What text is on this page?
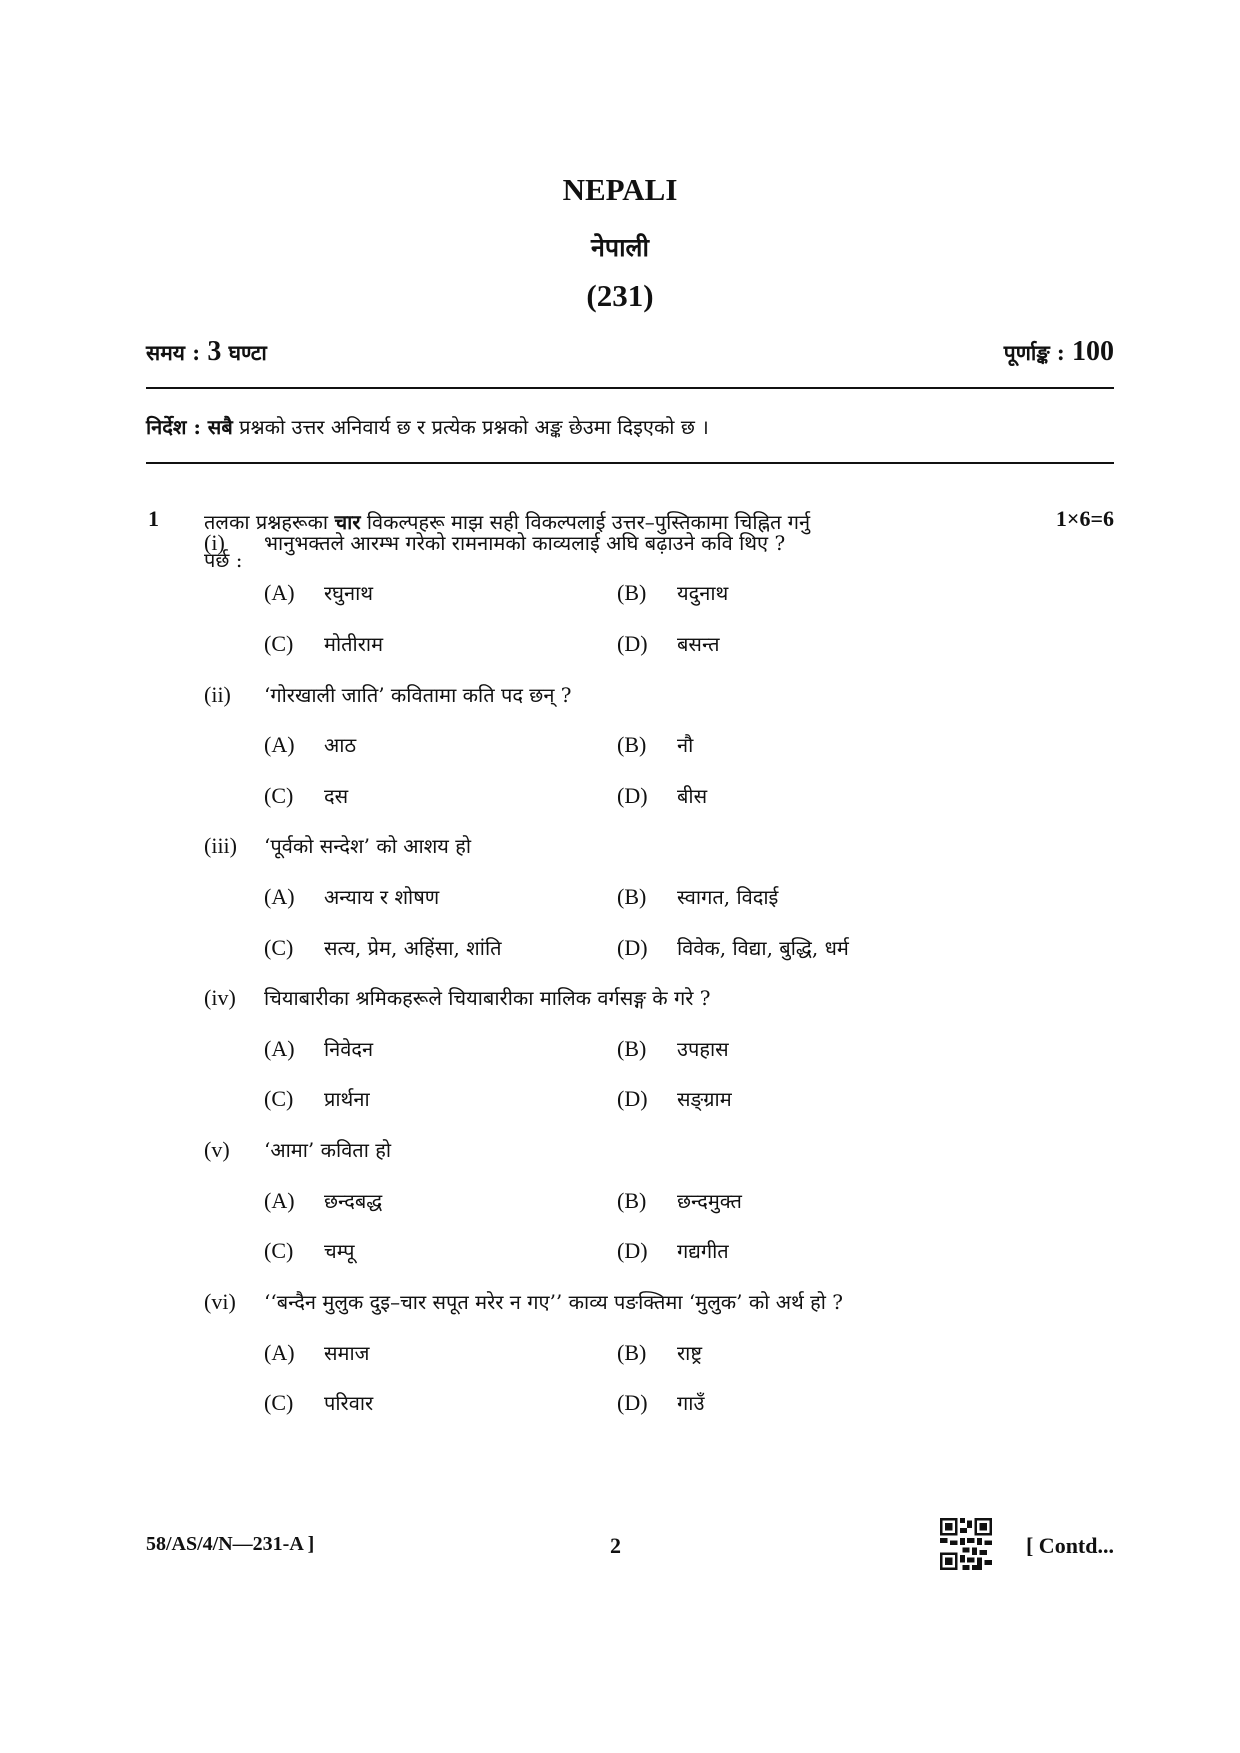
NEPALI
नेपाली
(231)
समय : 3 घण्टा	पूर्णाङ्क : 100
निर्देश : सबै प्रश्नको उत्तर अनिवार्य छ र प्रत्येक प्रश्नको अङ्क छेउमा दिइएको छ ।
1 तलका प्रश्नहरूका चार विकल्पहरू माझ सही विकल्पलाई उत्तर–पुस्तिकामा चिह्नित गर्नु
पर्छ :
1×6=6
(i) भानुभक्तले आरम्भ गरेको रामनामको काव्यलाई अघि बढ़ाउने कवि थिए ?
(A) रघुनाथ	(B) यदुनाथ
(C) मोतीराम	(D) बसन्त
(ii) ‘गोरखाली जाति’ कवितामा कति पद छन् ?
(A) आठ	(B) नौ
(C) दस	(D) बीस
(iii) ‘पूर्वको सन्देश’ को आशय हो
(A) अन्याय र शोषण	(B) स्वागत, विदाई
(C) सत्य, प्रेम, अहिंसा, शांति	(D) विवेक, विद्या, बुद्धि, धर्म
(iv) चियाबारीका श्रमिकहरूले चियाबारीका मालिक वर्गसङ्ग के गरे ?
(A) निवेदन	(B) उपहास
(C) प्रार्थना	(D) सङ्ग्राम
(v) ‘आमा’ कविता हो
(A) छन्दबद्ध	(B) छन्दमुक्त
(C) चम्पू	(D) गद्यगीत
(vi) ‘‘बन्दैन मुलुक दुइ–चार सपूत मरेर न गए’’ काव्य पङक्तिमा ‘मुलुक’ को अर्थ हो ?
(A) समाज	(B) राष्ट्र
(C) परिवार	(D) गाउँ
58/AS/4/N—231-A ]	2	[ Contd...
